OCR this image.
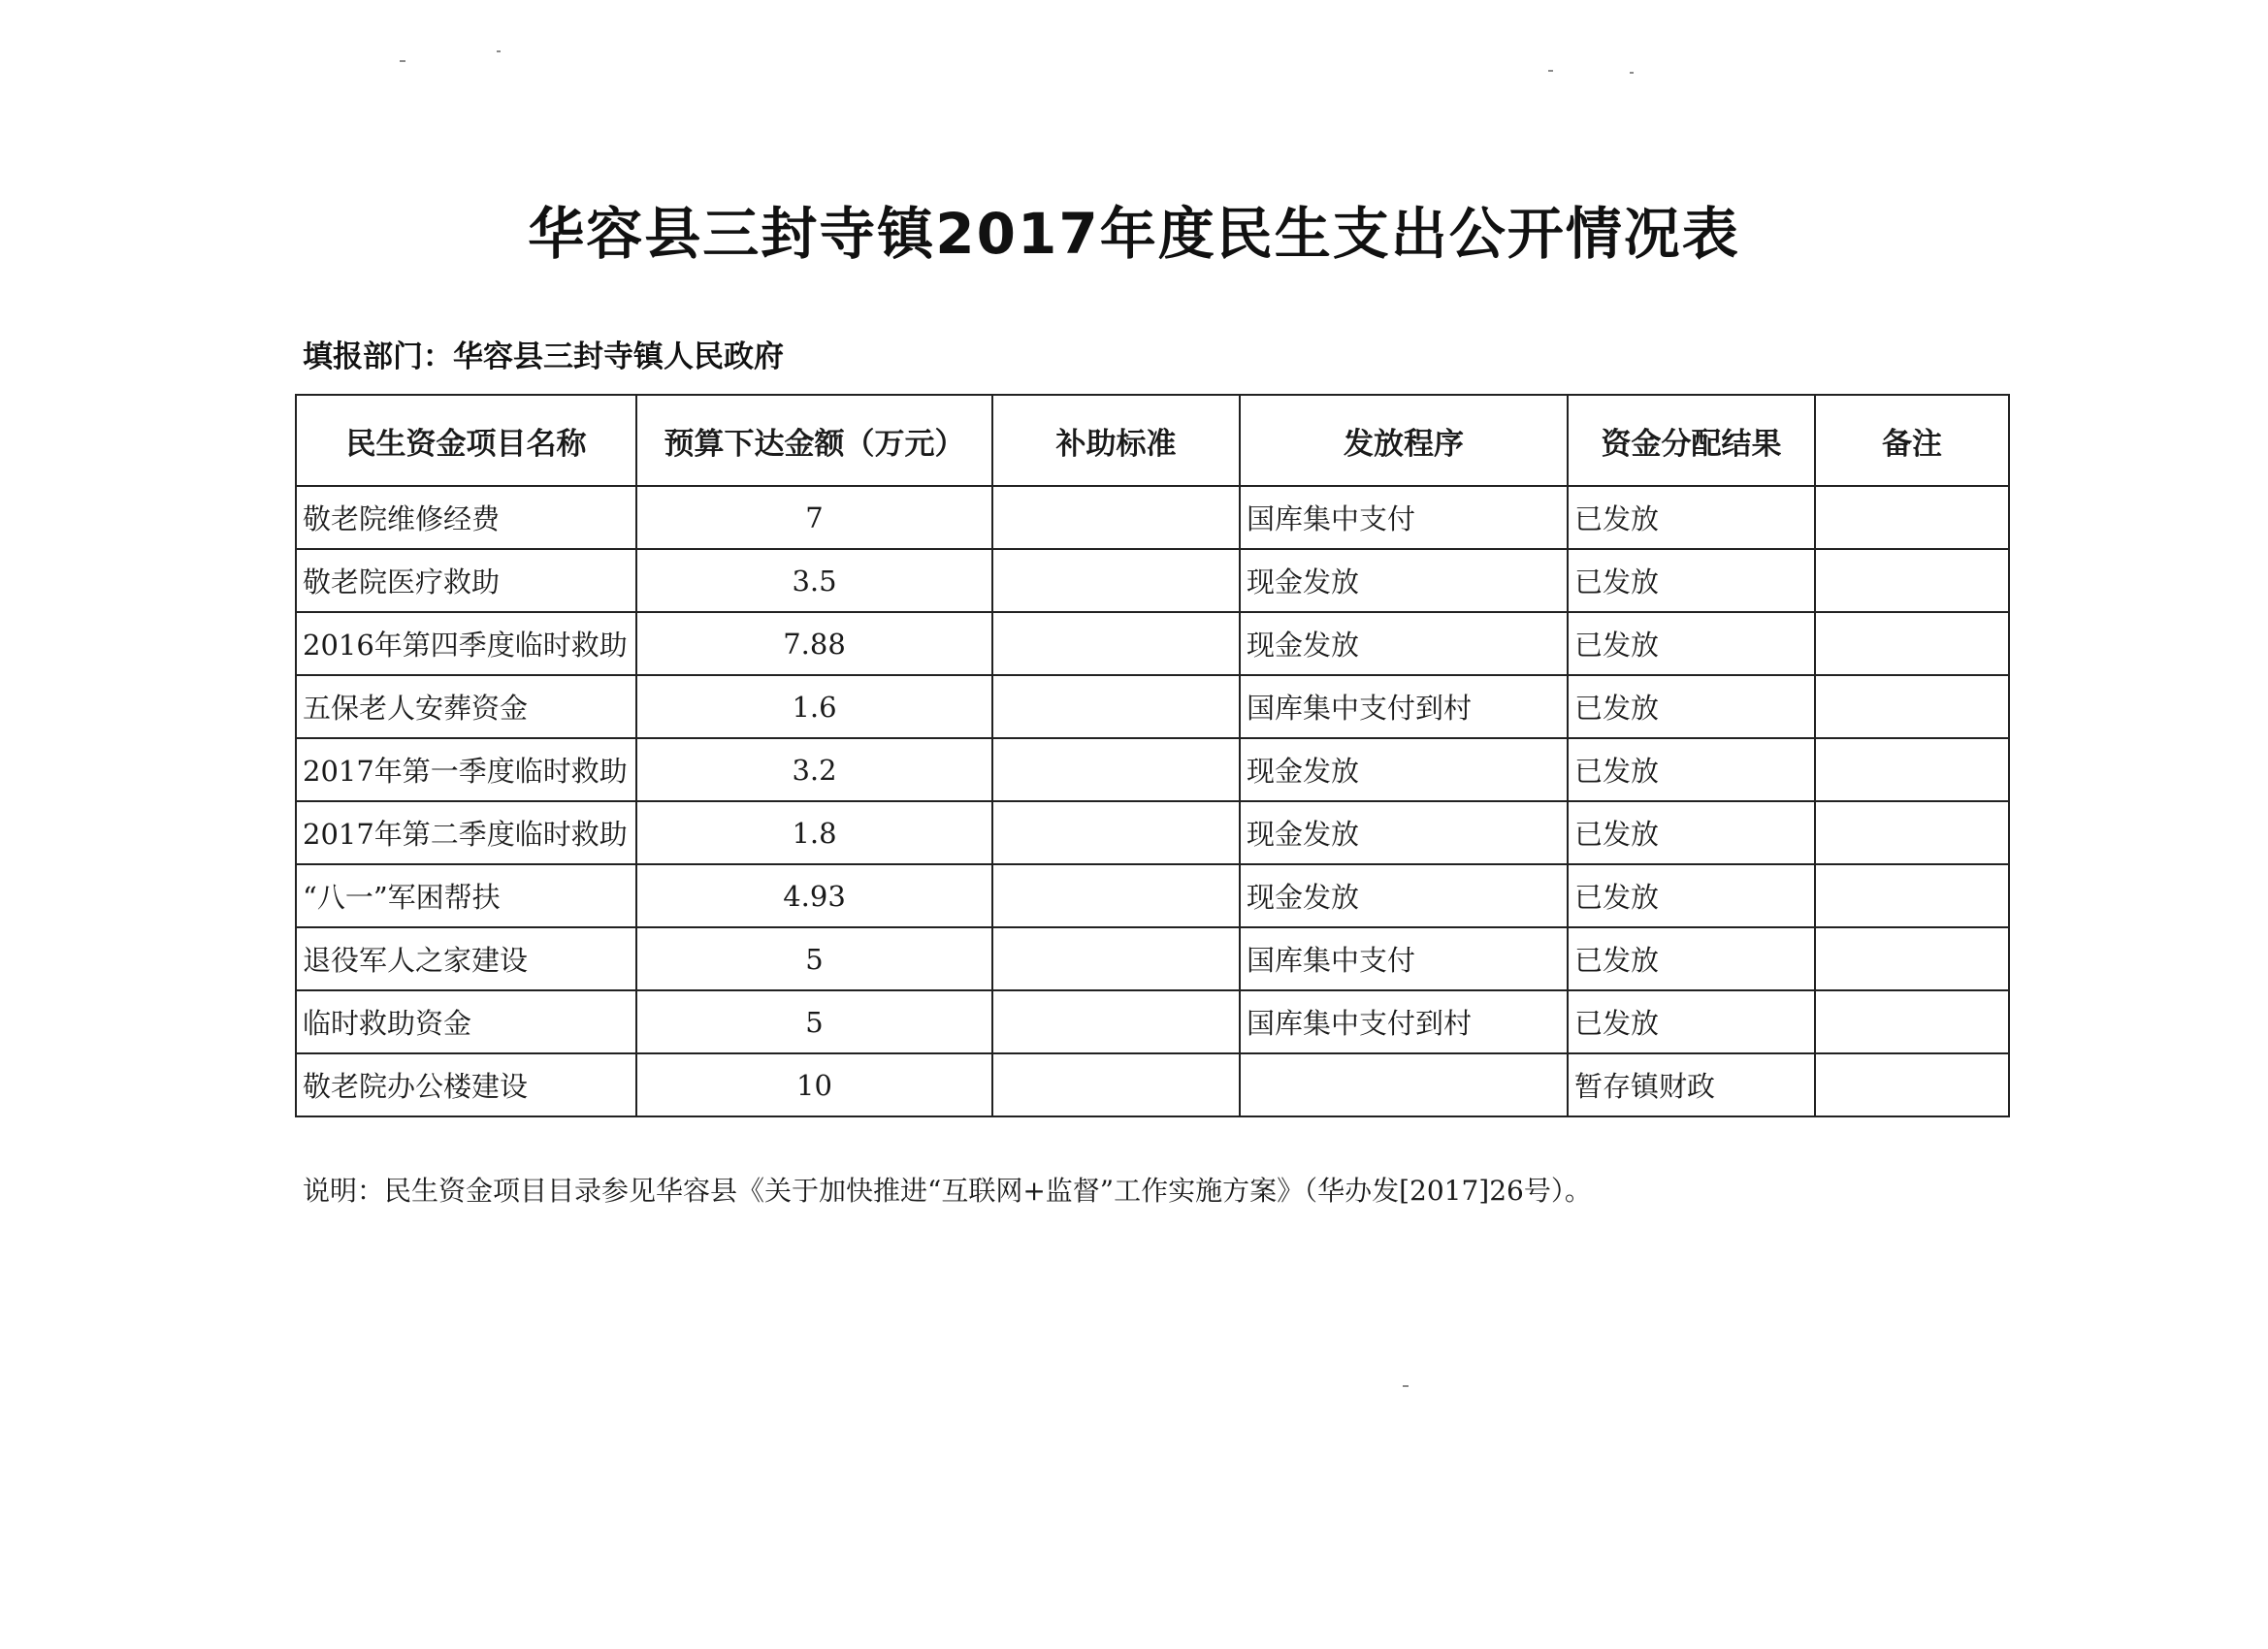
华容县三封寺镇2017年度民生支出公开情况表
填报部门：华容县三封寺镇人民政府
民生资金项目名称	预算下达金额（万元）	补助标准	发放程序	资金分配结果	备注
敬老院维修经费	7		国库集中支付	已发放	
敬老院医疗救助	3.5		现金发放	已发放	
2016年第四季度临时救助	7.88		现金发放	已发放	
五保老人安葬资金	1.6		国库集中支付到村	已发放	
2017年第一季度临时救助	3.2		现金发放	已发放	
2017年第二季度临时救助	1.8		现金发放	已发放	
“八一”军困帮扶	4.93		现金发放	已发放	
退役军人之家建设	5		国库集中支付	已发放	
临时救助资金	5		国库集中支付到村	已发放	
敬老院办公楼建设	10			暂存镇财政	
说明：民生资金项目目录参见华容县《关于加快推进“互联网+监督”工作实施方案》（华办发[2017]26号）。
